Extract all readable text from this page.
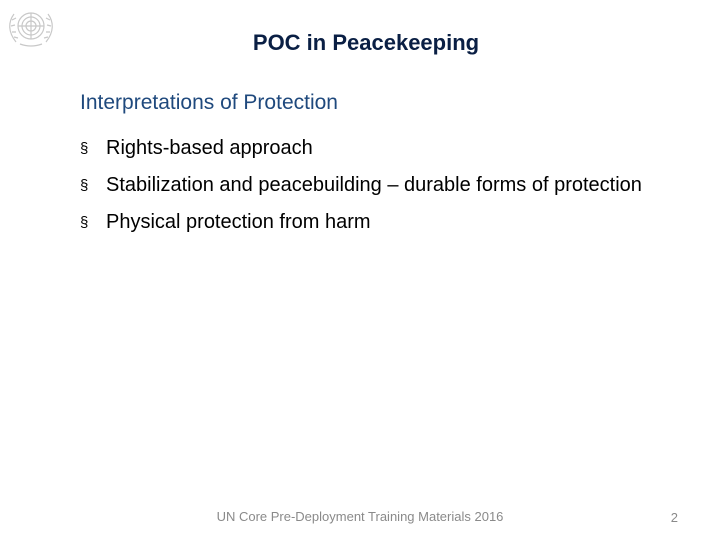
POC in Peacekeeping
Interpretations of Protection
§ Rights-based approach
§ Stabilization and peacebuilding – durable forms of protection
§ Physical protection from harm
UN Core Pre-Deployment Training Materials 2016	2
